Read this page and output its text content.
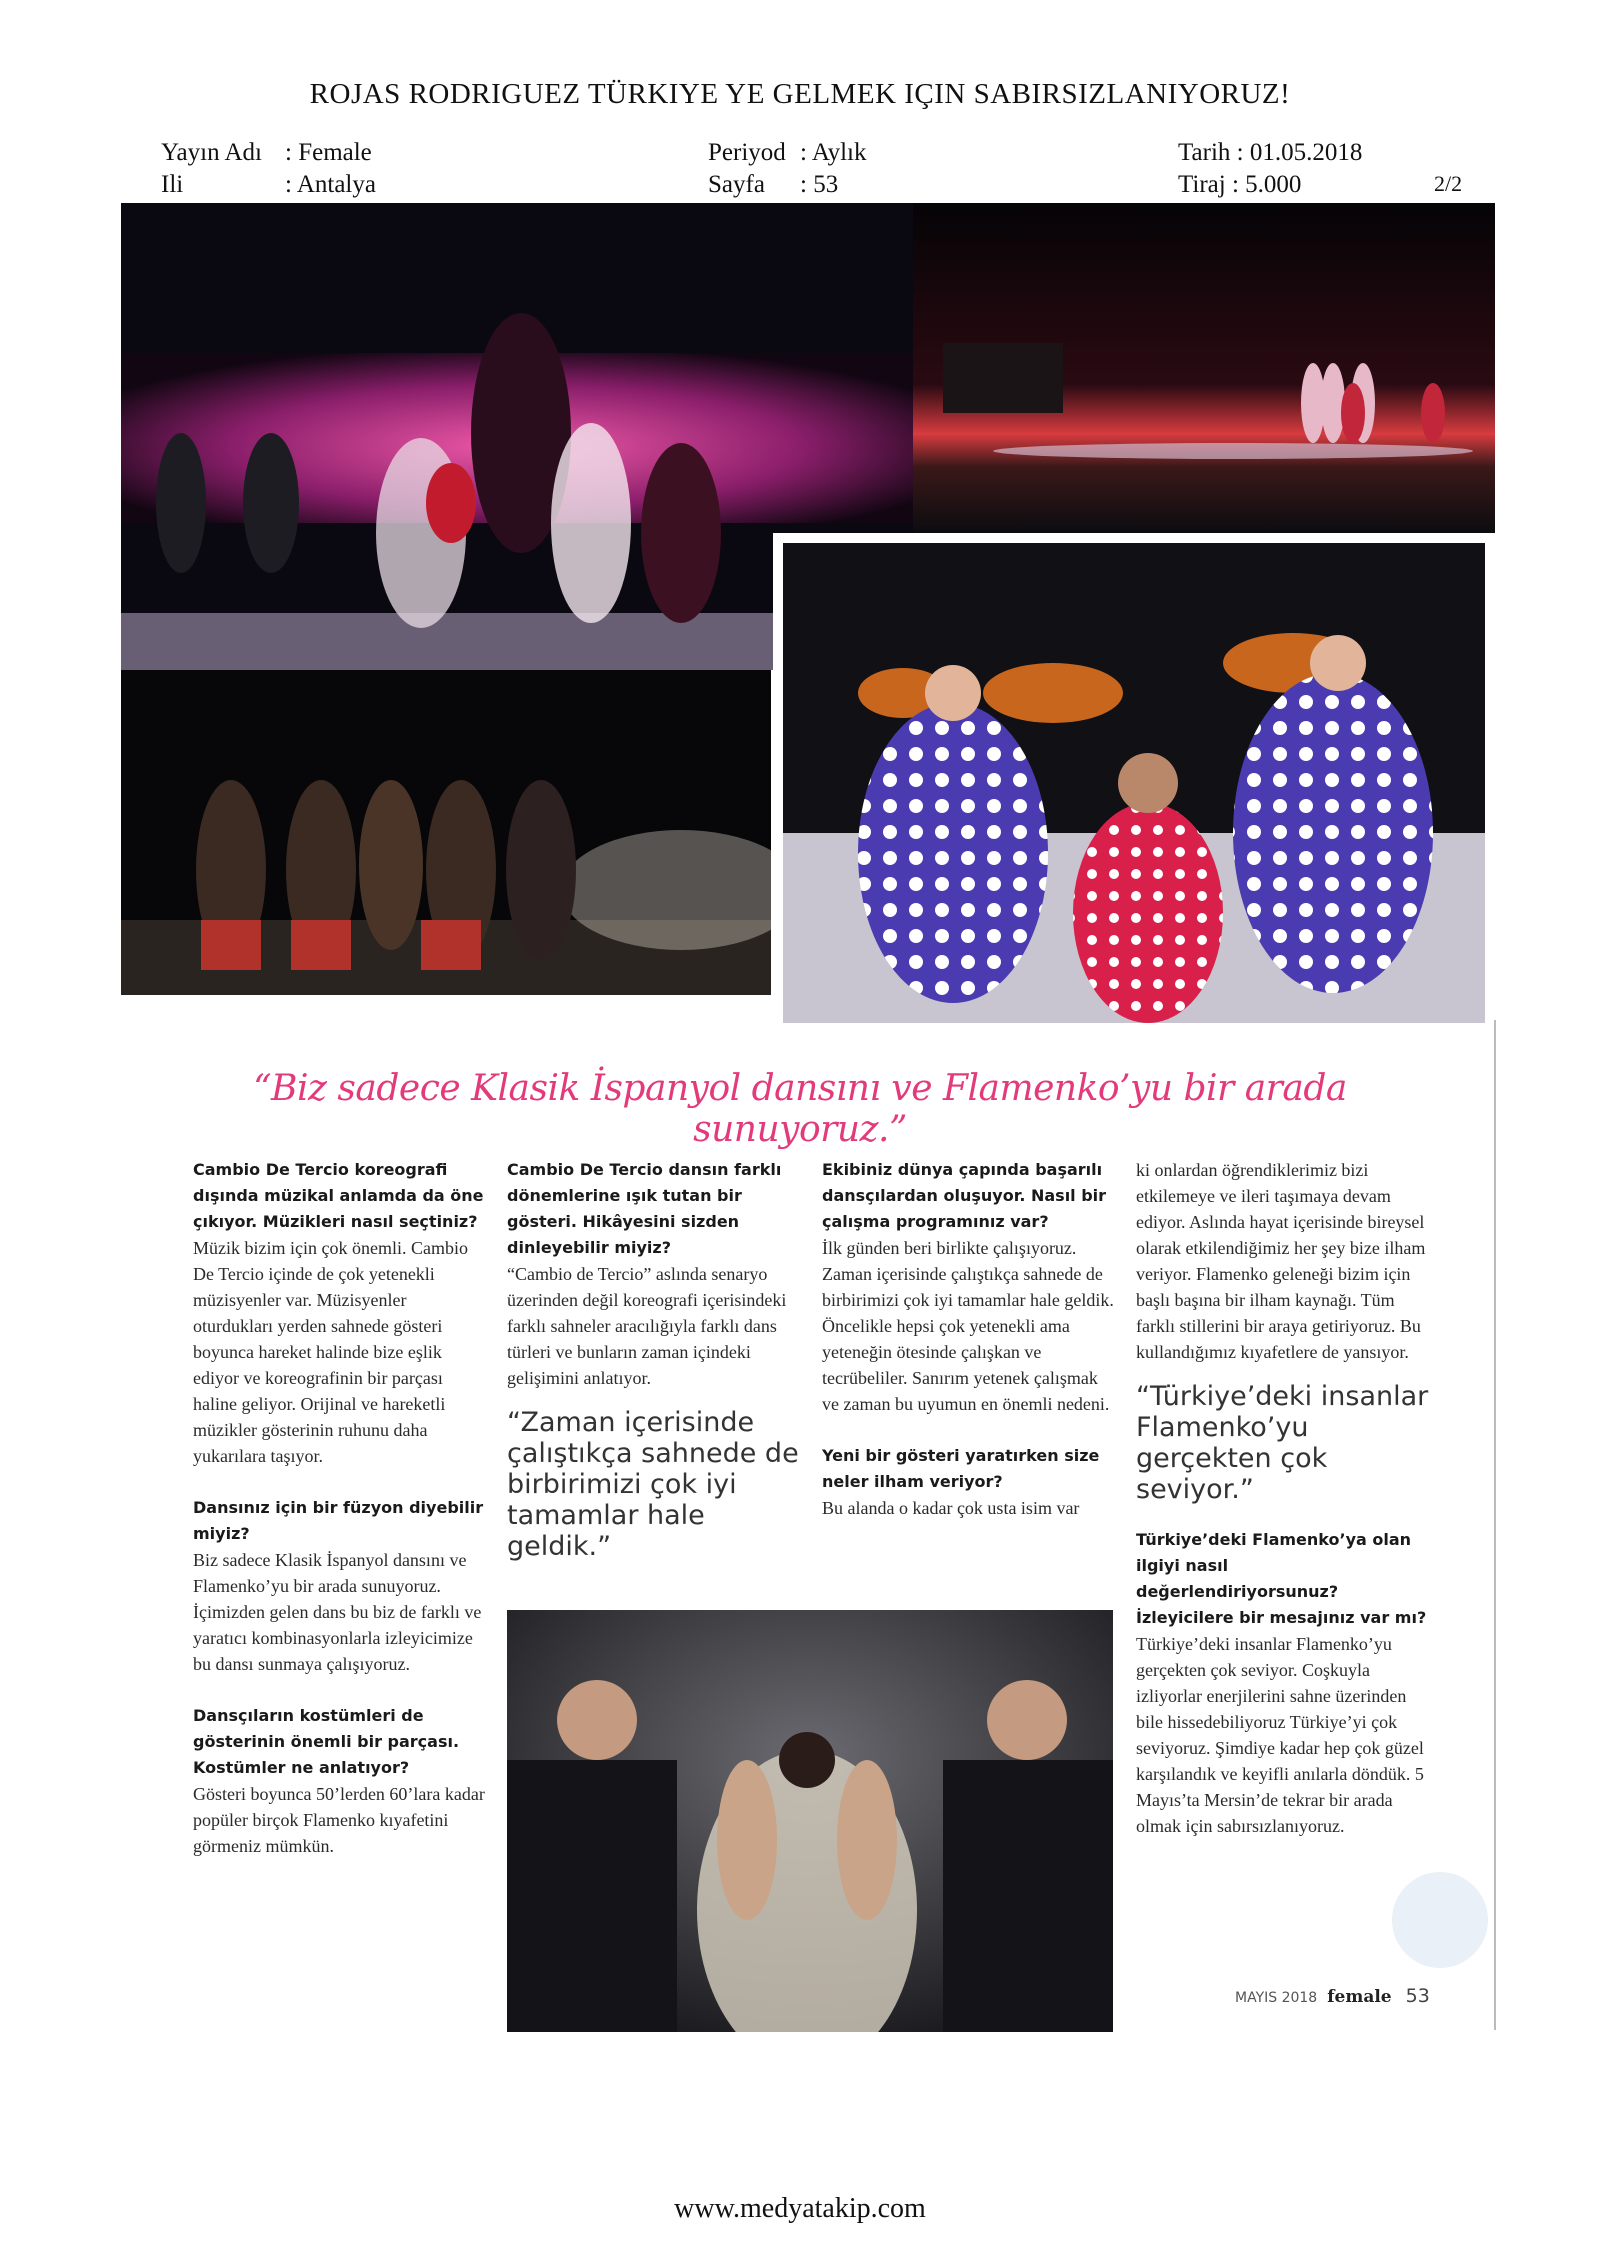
ROJAS RODRIGUEZ TÜRKIYE YE GELMEK IÇIN SABIRSIZLANIYORUZ!
Yayın Adı : Female
Ili	: Antalya
Periyod : Aylık
Sayfa : 53
Tarih : 01.05.2018
Tiraj : 5.000	2/2
“Biz sadece Klasik İspanyol dansını ve Flamenko’yu bir arada sunuyoruz.”

Cambio De Tercio koreografi dışında müzikal anlamda da öne çıkıyor. Müzikleri nasıl seçtiniz?

Müzik bizim için çok önemli. Cambio De Tercio içinde de çok yetenekli müzisyenler var. Müzisyenler oturdukları yerden sahnede gösteri boyunca hareket halinde bize eşlik ediyor ve koreografinin bir parçası haline geliyor. Orijinal ve hareketli müzikler gösterinin ruhunu daha yukarılara taşıyor.

Dansınız için bir füzyon diyebilir miyiz?

Biz sadece Klasik İspanyol dansını ve Flamenko’yu bir arada sunuyoruz. İçimizden gelen dans bu biz de farklı ve yaratıcı kombinasyonlarla izleyicimize bu dansı sunmaya çalışıyoruz.

Dansçıların kostümleri de gösterinin önemli bir parçası. Kostümler ne anlatıyor?

Gösteri boyunca 50’lerden 60’lara kadar popüler birçok Flamenko kıyafetini görmeniz mümkün.

Cambio De Tercio dansın farklı dönemlerine ışık tutan bir gösteri. Hikâyesini sizden dinleyebilir miyiz?

“Cambio de Tercio” aslında senaryo üzerinden değil koreografi içerisindeki farklı sahneler aracılığıyla farklı dans türleri ve bunların zaman içindeki gelişimini anlatıyor.

“Zaman içerisinde çalıştıkça sahnede de birbirimizi çok iyi tamamlar hale geldik.”

Ekibiniz dünya çapında başarılı dansçılardan oluşuyor. Nasıl bir çalışma programınız var?

İlk günden beri birlikte çalışıyoruz. Zaman içerisinde çalıştıkça sahnede de birbirimizi çok iyi tamamlar hale geldik. Öncelikle hepsi çok yetenekli ama yeteneğin ötesinde çalışkan ve tecrübeliler. Sanırım yetenek çalışmak ve zaman bu uyumun en önemli nedeni.

Yeni bir gösteri yaratırken size neler ilham veriyor?

Bu alanda o kadar çok usta isim var

ki onlardan öğrendiklerimiz bizi etkilemeye ve ileri taşımaya devam ediyor. Aslında hayat içerisinde bireysel olarak etkilendiğimiz her şey bize ilham veriyor. Flamenko geleneği bizim için başlı başına bir ilham kaynağı. Tüm farklı stillerini bir araya getiriyoruz. Bu kullandığımız kıyafetlere de yansıyor.

“Türkiye’deki insanlar Flamenko’yu gerçekten çok seviyor.”

Türkiye’deki Flamenko’ya olan ilgiyi nasıl değerlendiriyorsunuz? İzleyicilere bir mesajınız var mı?

Türkiye’deki insanlar Flamenko’yu gerçekten çok seviyor. Coşkuyla izliyorlar enerjilerini sahne üzerinden bile hissedebiliyoruz Türkiye’yi çok seviyoruz. Şimdiye kadar hep çok güzel karşılandık ve keyifli anılarla döndük. 5 Mayıs’ta Mersin’de tekrar bir arada olmak için sabırsızlanıyoruz.

MAYIS 2018 female 53
www.medyatakip.com
